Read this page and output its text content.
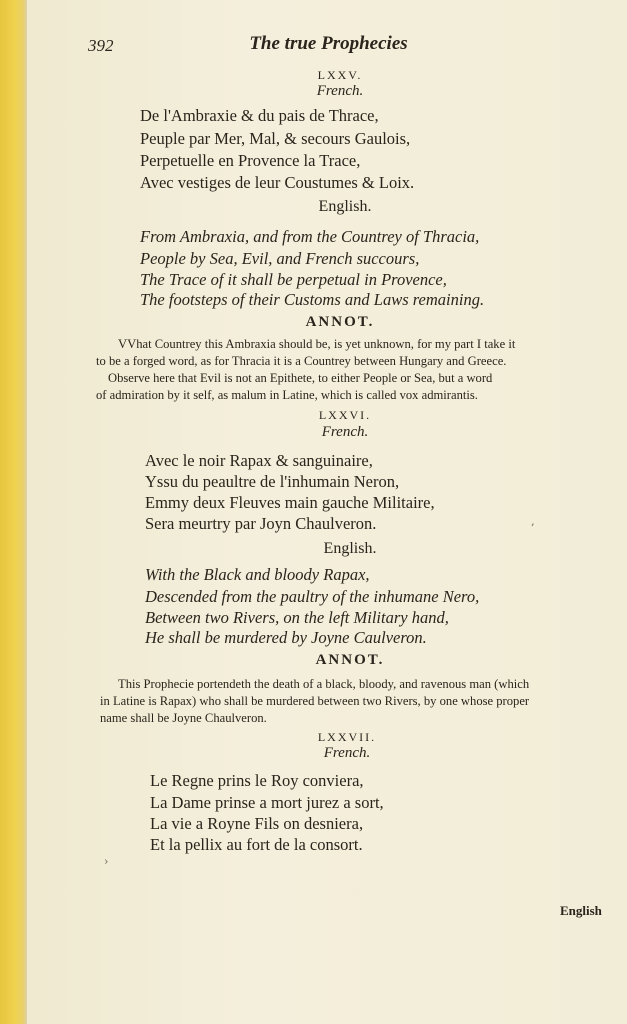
392	The true Prophecies
LXXV.
French.
De l'Ambraxie & du pais de Thrace,
Peuple par Mer, Mal, & secours Gaulois,
Perpetuelle en Provence la Trace,
Avec vestiges de leur Coustumes & Loix.
English.
From Ambraxia, and from the Countrey of Thracia,
People by Sea, Evil, and French succours,
The Trace of it shall be perpetual in Provence,
The footsteps of their Customs and Laws remaining.
ANNOT.
VVhat Countrey this Ambraxia should be, is yet unknown, for my part I take it
to be a forged word, as for Thracia it is a Countrey between Hungary and Greece.
Observe here that Evil is not an Epithete, to either People or Sea, but a word
of admiration by it self, as malum in Latine, which is called vox admirantis.
LXXVI.
French.
Avec le noir Rapax & sanguinaire,
Yssu du peaultre de l'inhumain Neron,
Emmy deux Fleuves main gauche Militaire,
Sera meurtry par Joyn Chaulveron.	‚
English.
With the Black and bloody Rapax,
Descended from the paultry of the inhumane Nero,
Between two Rivers, on the left Military hand,
He shall be murdered by Joyne Caulveron.
ANNOT.
This Prophecie portendeth the death of a black, bloody, and ravenous man (which
in Latine is Rapax) who shall be murdered between two Rivers, by one whose proper
name shall be Joyne Chaulveron.
LXXVII.
French.
Le Regne prins le Roy conviera,
La Dame prinse a mort jurez a sort,
La vie a Royne Fils on desniera,
Et la pellix au fort de la consort.
›
English
